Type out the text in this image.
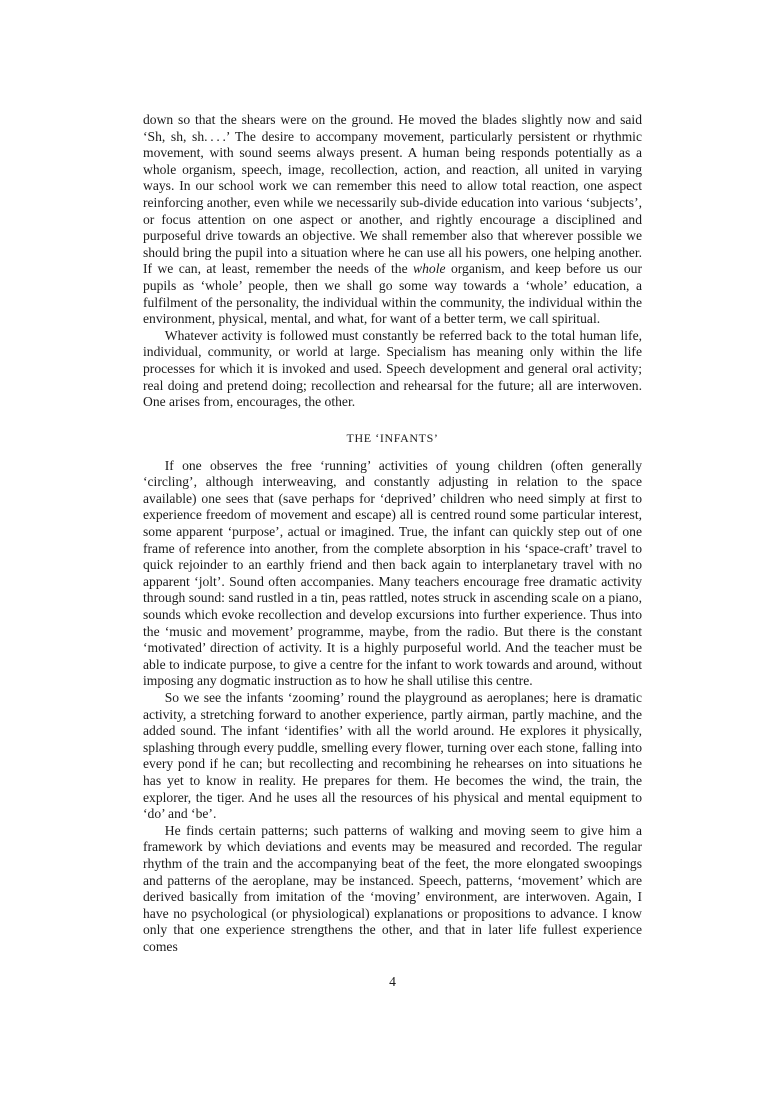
down so that the shears were on the ground. He moved the blades slightly now and said ‘Sh, sh, sh. . . .’ The desire to accompany movement, particularly persistent or rhythmic movement, with sound seems always present. A human being responds potentially as a whole organism, speech, image, recollection, action, and reaction, all united in varying ways. In our school work we can remember this need to allow total reaction, one aspect reinforcing another, even while we necessarily sub-divide education into various ‘subjects’, or focus attention on one aspect or another, and rightly encourage a disciplined and purposeful drive towards an objective. We shall remember also that wherever possible we should bring the pupil into a situation where he can use all his powers, one helping another. If we can, at least, remember the needs of the whole organism, and keep before us our pupils as ‘whole’ people, then we shall go some way towards a ‘whole’ education, a fulfilment of the personality, the individual within the community, the individual within the environment, physical, mental, and what, for want of a better term, we call spiritual.

Whatever activity is followed must constantly be referred back to the total human life, individual, community, or world at large. Specialism has meaning only within the life processes for which it is invoked and used. Speech development and general oral activity; real doing and pretend doing; recollection and rehearsal for the future; all are interwoven. One arises from, encourages, the other.

THE ‘INFANTS’

If one observes the free ‘running’ activities of young children (often generally ‘circling’, although interweaving, and constantly adjusting in relation to the space available) one sees that (save perhaps for ‘deprived’ children who need simply at first to experience freedom of movement and escape) all is centred round some particular interest, some apparent ‘purpose’, actual or imagined. True, the infant can quickly step out of one frame of reference into another, from the complete absorption in his ‘space-craft’ travel to quick rejoinder to an earthly friend and then back again to interplanetary travel with no apparent ‘jolt’. Sound often accompanies. Many teachers encourage free dramatic activity through sound: sand rustled in a tin, peas rattled, notes struck in ascending scale on a piano, sounds which evoke recollection and develop excursions into further experience. Thus into the ‘music and movement’ programme, maybe, from the radio. But there is the constant ‘motivated’ direction of activity. It is a highly purposeful world. And the teacher must be able to indicate purpose, to give a centre for the infant to work towards and around, without imposing any dogmatic instruction as to how he shall utilise this centre.

So we see the infants ‘zooming’ round the playground as aeroplanes; here is dramatic activity, a stretching forward to another experience, partly airman, partly machine, and the added sound. The infant ‘identifies’ with all the world around. He explores it physically, splashing through every puddle, smelling every flower, turning over each stone, falling into every pond if he can; but recollecting and recombining he rehearses on into situations he has yet to know in reality. He prepares for them. He becomes the wind, the train, the explorer, the tiger. And he uses all the resources of his physical and mental equipment to ‘do’ and ‘be’.

He finds certain patterns; such patterns of walking and moving seem to give him a framework by which deviations and events may be measured and recorded. The regular rhythm of the train and the accompanying beat of the feet, the more elongated swoopings and patterns of the aeroplane, may be instanced. Speech, patterns, ‘movement’ which are derived basically from imitation of the ‘moving’ environment, are interwoven. Again, I have no psychological (or physiological) explanations or propositions to advance. I know only that one experience strengthens the other, and that in later life fullest experience comes

4
